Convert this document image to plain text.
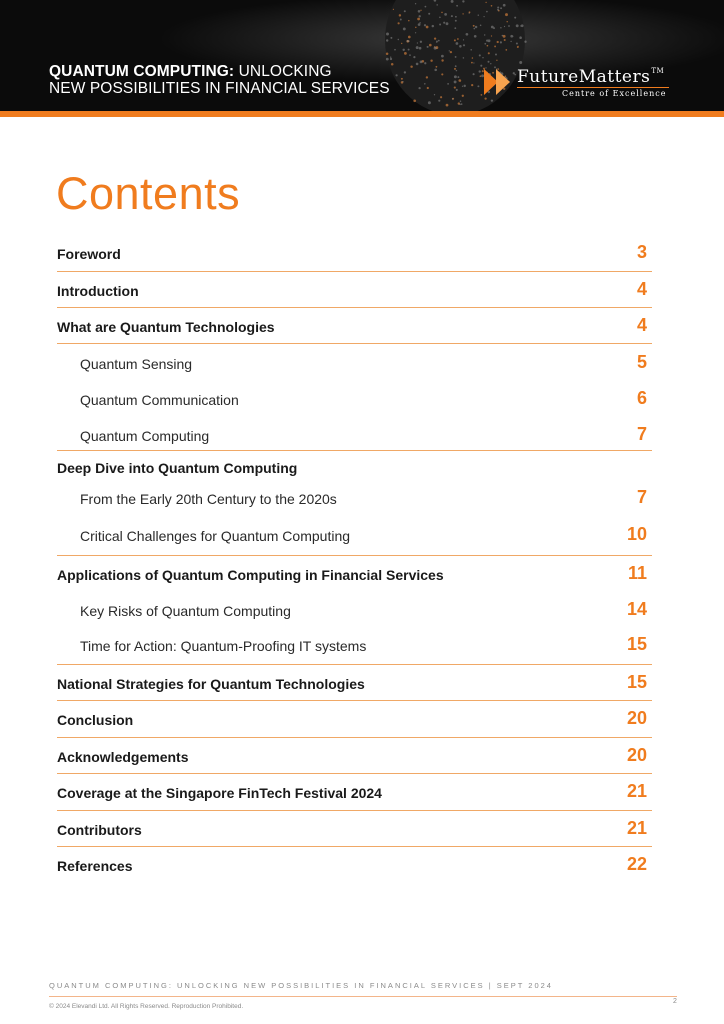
QUANTUM COMPUTING: UNLOCKING
NEW POSSIBILITIES IN FINANCIAL SERVICES
FutureMatters™
Centre of Excellence
Contents
Foreword	3
Introduction	4
What are Quantum Technologies	4
Quantum Sensing	5
Quantum Communication	6
Quantum Computing	7
Deep Dive into Quantum Computing
From the Early 20th Century to the 2020s	7
Critical Challenges for Quantum Computing	10
Applications of Quantum Computing in Financial Services	11
Key Risks of Quantum Computing	14
Time for Action: Quantum-Proofing IT systems	15
National Strategies for Quantum Technologies	15
Conclusion	20
Acknowledgements	20
Coverage at the Singapore FinTech Festival 2024	21
Contributors	21
References	22
QUANTUM COMPUTING: UNLOCKING NEW POSSIBILITIES IN FINANCIAL SERVICES | SEPT 2024
© 2024 Elevandi Ltd. All Rights Reserved. Reproduction Prohibited.
2
